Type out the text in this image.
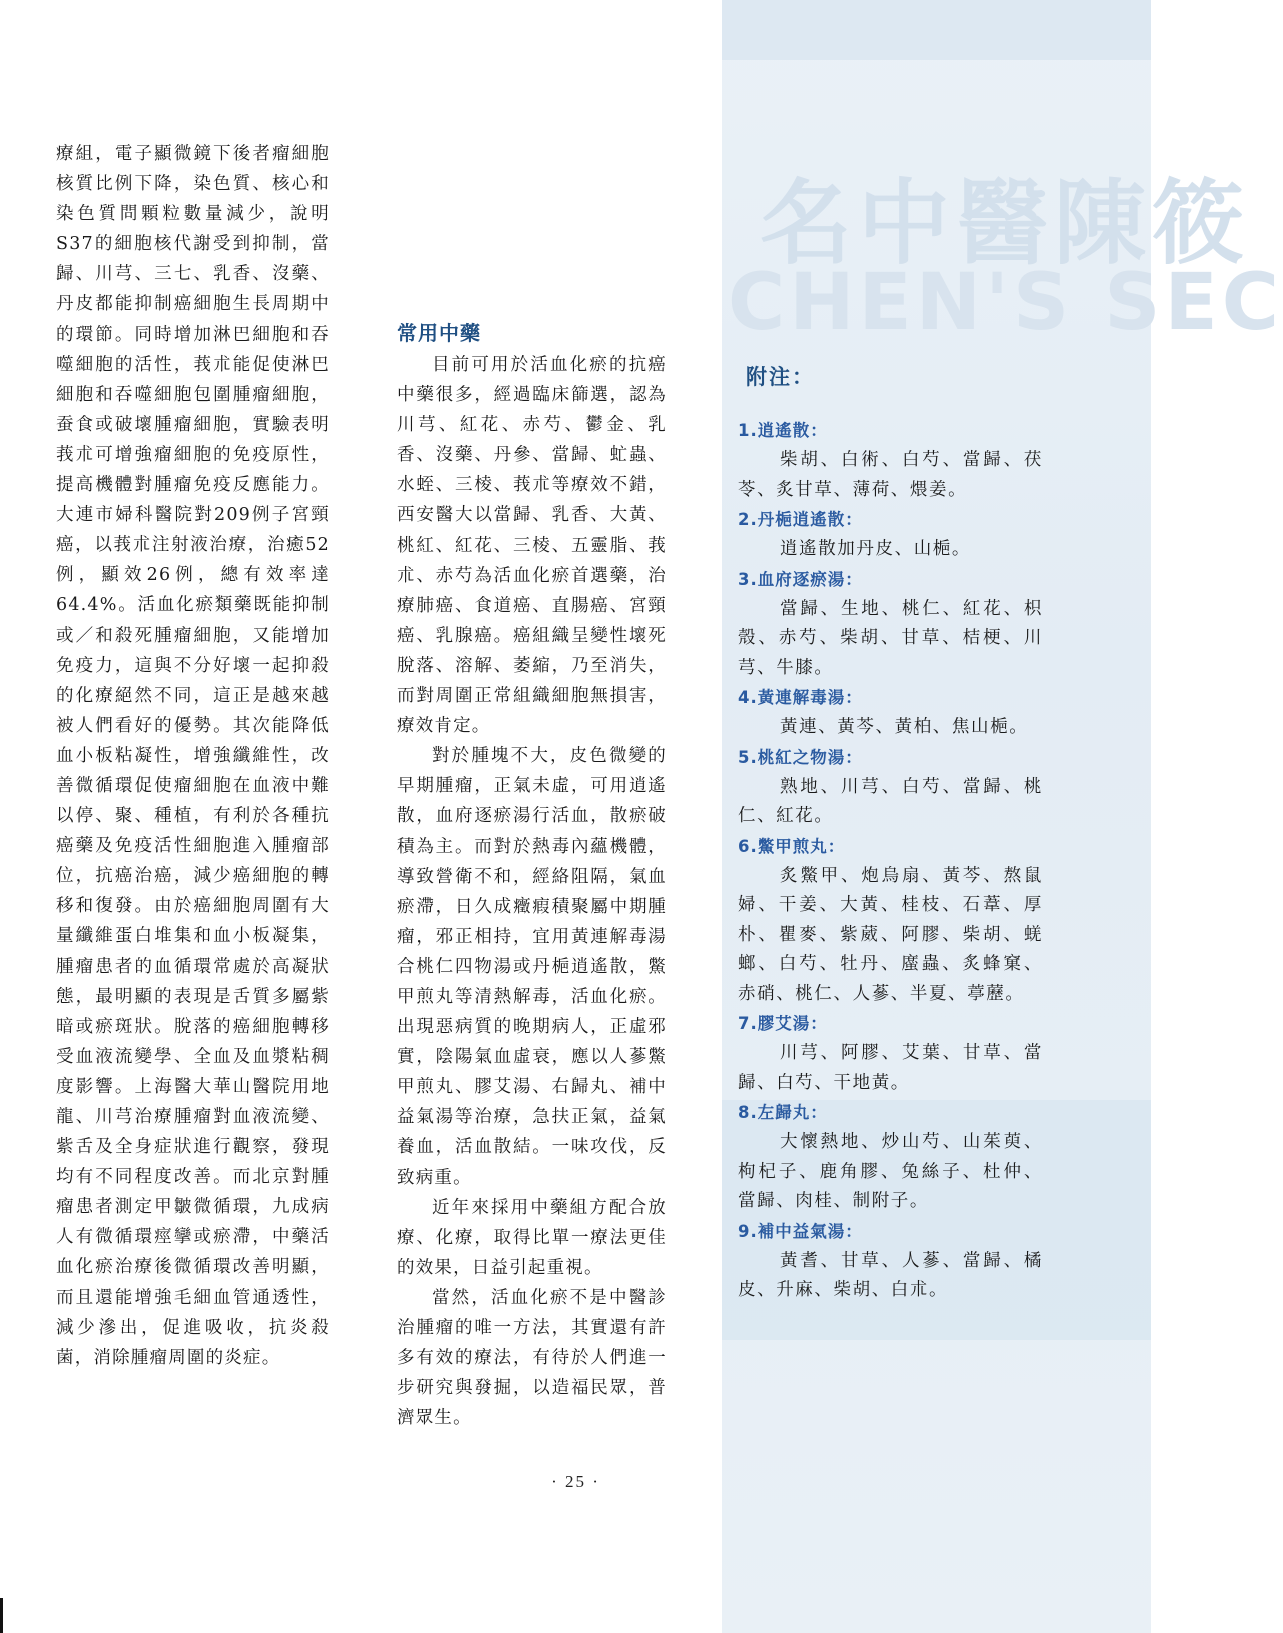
名中醫陳筱
CHEN'S SEC

療組，電子顯微鏡下後者瘤細胞核質比例下降，染色質、核心和染色質問顆粒數量減少，說明S37的細胞核代謝受到抑制，當歸、川芎、三七、乳香、沒藥、丹皮都能抑制癌細胞生長周期中的環節。同時增加淋巴細胞和吞噬細胞的活性，莪朮能促使淋巴細胞和吞噬細胞包圍腫瘤細胞，蚕食或破壞腫瘤細胞，實驗表明莪朮可增強瘤細胞的免疫原性，提高機體對腫瘤免疫反應能力。大連市婦科醫院對209例子宮頸癌，以莪朮注射液治療，治癒52例，顯效26例，總有效率達64.4%。活血化瘀類藥既能抑制或／和殺死腫瘤細胞，又能增加免疫力，這與不分好壞一起抑殺的化療絕然不同，這正是越來越被人們看好的優勢。其次能降低血小板粘凝性，增強纖維性，改善微循環促使瘤細胞在血液中難以停、聚、種植，有利於各種抗癌藥及免疫活性細胞進入腫瘤部位，抗癌治癌，減少癌細胞的轉移和復發。由於癌細胞周圍有大量纖維蛋白堆集和血小板凝集，腫瘤患者的血循環常處於高凝狀態，最明顯的表現是舌質多屬紫暗或瘀斑狀。脫落的癌細胞轉移受血液流變學、全血及血漿粘稠度影響。上海醫大華山醫院用地龍、川芎治療腫瘤對血液流變、紫舌及全身症狀進行觀察，發現均有不同程度改善。而北京對腫瘤患者測定甲皺微循環，九成病人有微循環痙攣或瘀滯，中藥活血化瘀治療後微循環改善明顯，而且還能增強毛細血管通透性，減少滲出，促進吸收，抗炎殺菌，消除腫瘤周圍的炎症。

常用中藥

目前可用於活血化瘀的抗癌中藥很多，經過臨床篩選，認為川芎、紅花、赤芍、鬱金、乳香、沒藥、丹參、當歸、虻蟲、水蛭、三棱、莪朮等療效不錯，西安醫大以當歸、乳香、大黃、桃紅、紅花、三棱、五靈脂、莪朮、赤芍為活血化瘀首選藥，治療肺癌、食道癌、直腸癌、宮頸癌、乳腺癌。癌組織呈變性壞死脫落、溶解、萎縮，乃至消失，而對周圍正常組織細胞無損害，療效肯定。

對於腫塊不大，皮色微變的早期腫瘤，正氣未虛，可用逍遙散，血府逐瘀湯行活血，散瘀破積為主。而對於熱毒內蘊機體，導致營衛不和，經絡阻隔，氣血瘀滯，日久成癥瘕積聚屬中期腫瘤，邪正相持，宜用黃連解毒湯合桃仁四物湯或丹梔逍遙散，鱉甲煎丸等清熱解毒，活血化瘀。出現惡病質的晚期病人，正虛邪實，陰陽氣血虛衰，應以人蔘鱉甲煎丸、膠艾湯、右歸丸、補中益氣湯等治療，急扶正氣，益氣養血，活血散結。一味攻伐，反致病重。

近年來採用中藥組方配合放療、化療，取得比單一療法更佳的效果，日益引起重視。

當然，活血化瘀不是中醫診治腫瘤的唯一方法，其實還有許多有效的療法，有待於人們進一步研究與發掘，以造福民眾，普濟眾生。

附注：
1.逍遙散：

柴胡、白術、白芍、當歸、茯苓、炙甘草、薄荷、煨姜。

2.丹梔逍遙散：

逍遙散加丹皮、山梔。

3.血府逐瘀湯：

當歸、生地、桃仁、紅花、枳殼、赤芍、柴胡、甘草、桔梗、川芎、牛膝。

4.黃連解毒湯：

黃連、黃芩、黃柏、焦山梔。

5.桃紅之物湯：

熟地、川芎、白芍、當歸、桃仁、紅花。

6.鱉甲煎丸：

炙鱉甲、炮烏扇、黃芩、熬鼠婦、干姜、大黃、桂枝、石葦、厚朴、瞿麥、紫葳、阿膠、柴胡、蜣螂、白芍、牡丹、䗪蟲、炙蜂窠、赤硝、桃仁、人蔘、半夏、葶藶。

7.膠艾湯：

川芎、阿膠、艾葉、甘草、當歸、白芍、干地黃。

8.左歸丸：

大懷熱地、炒山芍、山茱萸、枸杞子、鹿角膠、兔絲子、杜仲、當歸、肉桂、制附子。

9.補中益氣湯：

黃耆、甘草、人蔘、當歸、橘皮、升麻、柴胡、白朮。

· 25 ·
